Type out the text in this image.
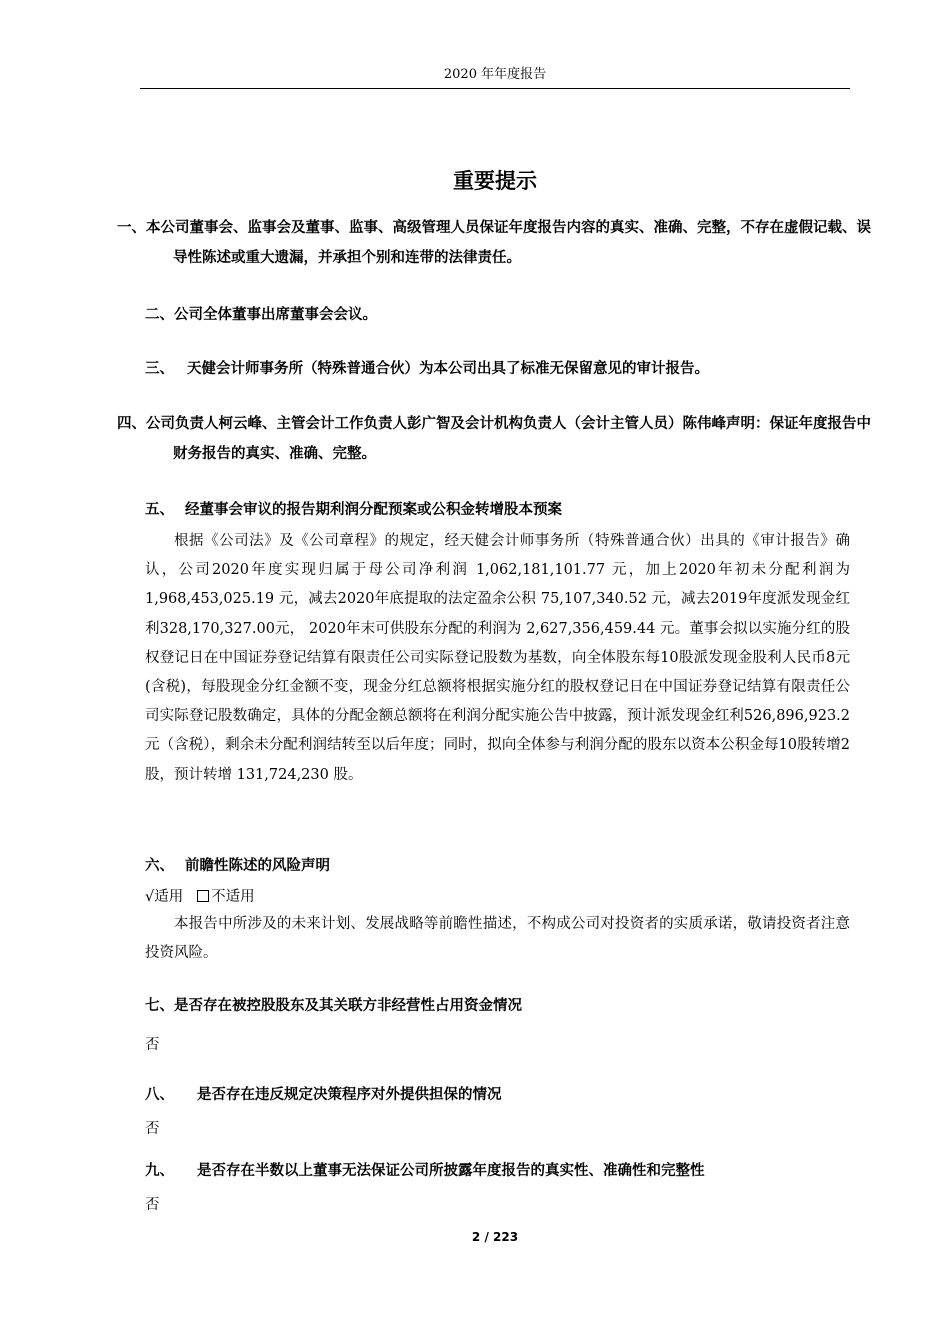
2020 年年度报告
重要提示
一、本公司董事会、监事会及董事、监事、高级管理人员保证年度报告内容的真实、准确、完整，不存在虚假记载、误导性陈述或重大遗漏，并承担个别和连带的法律责任。
二、公司全体董事出席董事会会议。
三、 天健会计师事务所（特殊普通合伙）为本公司出具了标准无保留意见的审计报告。
四、公司负责人柯云峰、主管会计工作负责人彭广智及会计机构负责人（会计主管人员）陈伟峰声明：保证年度报告中财务报告的真实、准确、完整。
五、 经董事会审议的报告期利润分配预案或公积金转增股本预案
根据《公司法》及《公司章程》的规定，经天健会计师事务所（特殊普通合伙）出具的《审计报告》确认，公司2020年度实现归属于母公司净利润 1,062,181,101.77 元，加上2020年初未分配利润为1,968,453,025.19 元，减去2020年底提取的法定盈余公积 75,107,340.52 元，减去2019年度派发现金红利328,170,327.00元， 2020年末可供股东分配的利润为 2,627,356,459.44 元。董事会拟以实施分红的股权登记日在中国证券登记结算有限责任公司实际登记股数为基数，向全体股东每10股派发现金股利人民币8元(含税)，每股现金分红金额不变，现金分红总额将根据实施分红的股权登记日在中国证券登记结算有限责任公司实际登记股数确定，具体的分配金额总额将在利润分配实施公告中披露，预计派发现金红利526,896,923.2元（含税），剩余未分配利润结转至以后年度；同时，拟向全体参与利润分配的股东以资本公积金每10股转增2股，预计转增 131,724,230 股。
六、 前瞻性陈述的风险声明
√适用 不适用
本报告中所涉及的未来计划、发展战略等前瞻性描述，不构成公司对投资者的实质承诺，敬请投资者注意投资风险。
七、是否存在被控股股东及其关联方非经营性占用资金情况
否
八、 是否存在违反规定决策程序对外提供担保的情况
否
九、 是否存在半数以上董事无法保证公司所披露年度报告的真实性、准确性和完整性
否
2 / 223
